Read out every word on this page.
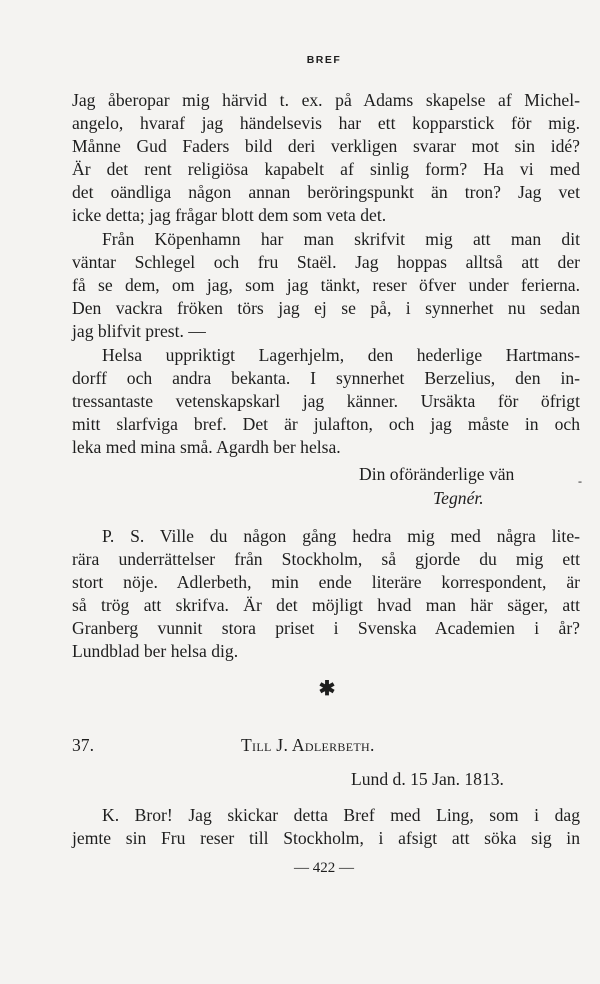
BREF
Jag åberopar mig härvid t. ex. på Adams skapelse af Michel-
angelo, hvaraf jag händelsevis har ett kopparstick för mig.
Månne Gud Faders bild deri verkligen svarar mot sin idé?
Är det rent religiösa kapabelt af sinlig form? Ha vi med
det oändliga någon annan beröringspunkt än tron? Jag vet
icke detta; jag frågar blott dem som veta det.
Från Köpenhamn har man skrifvit mig att man dit
väntar Schlegel och fru Staël. Jag hoppas alltså att der
få se dem, om jag, som jag tänkt, reser öfver under ferierna.
Den vackra fröken törs jag ej se på, i synnerhet nu sedan
jag blifvit prest. —
Helsa uppriktigt Lagerhjelm, den hederlige Hartmans-
dorff och andra bekanta. I synnerhet Berzelius, den in-
tressantaste vetenskapskarl jag känner. Ursäkta för öfrigt
mitt slarfviga bref. Det är julafton, och jag måste in och
leka med mina små. Agardh ber helsa.
Din oföränderlige vän
Tegnér.
P. S. Ville du någon gång hedra mig med några lite-
rära underrättelser från Stockholm, så gjorde du mig ett
stort nöje. Adlerbeth, min ende literäre korrespondent, är
så trög att skrifva. Är det möjligt hvad man här säger, att
Granberg vunnit stora priset i Svenska Academien i år?
Lundblad ber helsa dig.
K. Bror! Jag skickar detta Bref med Ling, som i dag
jemte sin Fru reser till Stockholm, i afsigt att söka sig in
-
✱
37.	Till J. Adlerbeth.
Lund d. 15 Jan. 1813.
— 422 —
